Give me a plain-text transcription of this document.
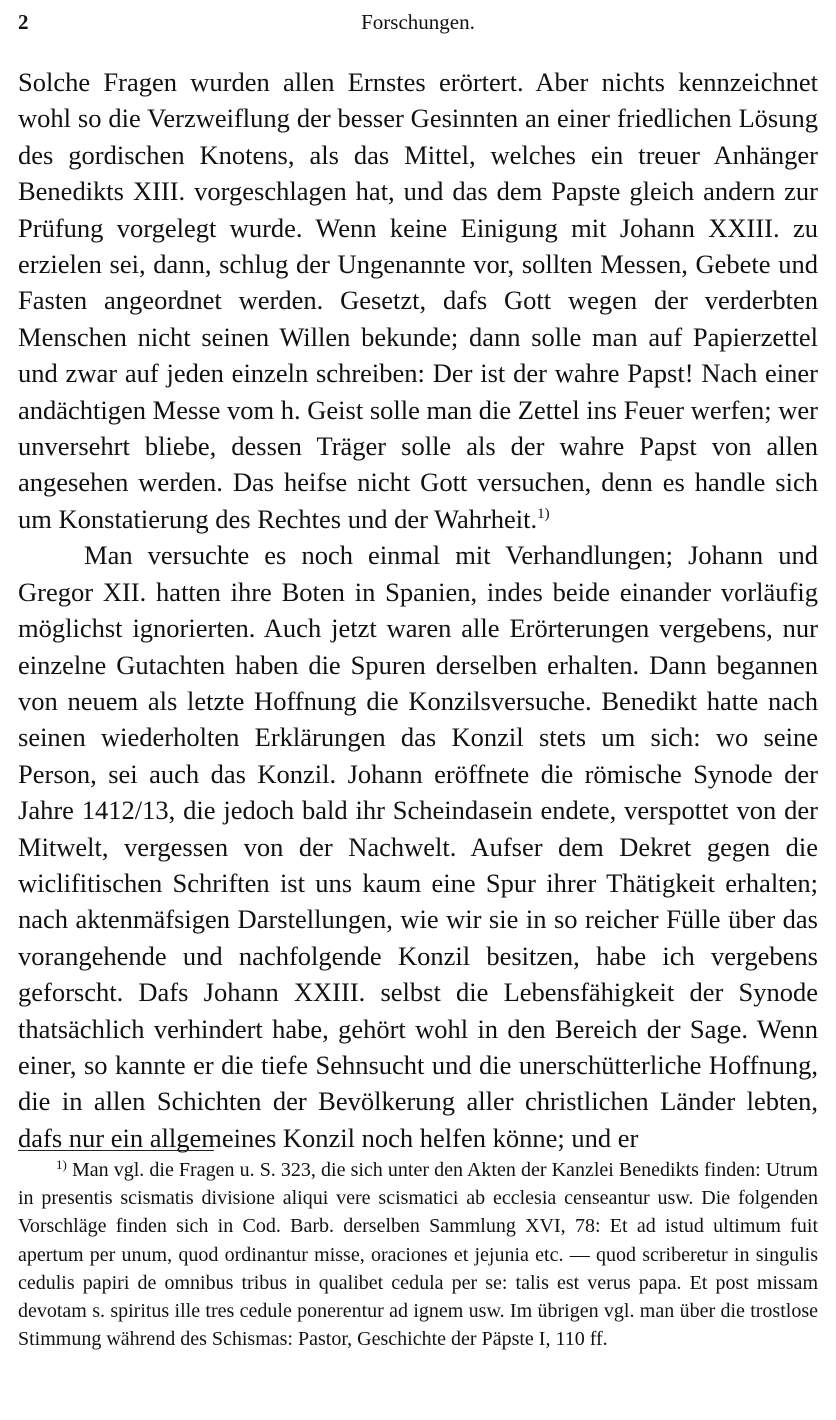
2	Forschungen.

Solche Fragen wurden allen Ernstes erörtert. Aber nichts kennzeichnet wohl so die Verzweiflung der besser Gesinnten an einer friedlichen Lösung des gordischen Knotens, als das Mittel, welches ein treuer Anhänger Benedikts XIII. vorgeschlagen hat, und das dem Papste gleich andern zur Prüfung vorgelegt wurde. Wenn keine Einigung mit Johann XXIII. zu erzielen sei, dann, schlug der Ungenannte vor, sollten Messen, Gebete und Fasten angeordnet werden. Gesetzt, dafs Gott wegen der verderbten Menschen nicht seinen Willen bekunde; dann solle man auf Papierzettel und zwar auf jeden einzeln schreiben: Der ist der wahre Papst! Nach einer andächtigen Messe vom h. Geist solle man die Zettel ins Feuer werfen; wer unversehrt bliebe, dessen Träger solle als der wahre Papst von allen angesehen werden. Das heifse nicht Gott versuchen, denn es handle sich um Konstatierung des Rechtes und der Wahrheit.$^{1)}$

Man versuchte es noch einmal mit Verhandlungen; Johann und Gregor XII. hatten ihre Boten in Spanien, indes beide einander vorläufig möglichst ignorierten. Auch jetzt waren alle Erörterungen vergebens, nur einzelne Gutachten haben die Spuren derselben erhalten. Dann begannen von neuem als letzte Hoffnung die Konzilsversuche. Benedikt hatte nach seinen wiederholten Erklärungen das Konzil stets um sich: wo seine Person, sei auch das Konzil. Johann eröffnete die römische Synode der Jahre 1412/13, die jedoch bald ihr Scheindasein endete, verspottet von der Mitwelt, vergessen von der Nachwelt. Aufser dem Dekret gegen die wiclifitischen Schriften ist uns kaum eine Spur ihrer Thätigkeit erhalten; nach aktenmäfsigen Darstellungen, wie wir sie in so reicher Fülle über das vorangehende und nachfolgende Konzil besitzen, habe ich vergebens geforscht. Dafs Johann XXIII. selbst die Lebensfähigkeit der Synode thatsächlich verhindert habe, gehört wohl in den Bereich der Sage. Wenn einer, so kannte er die tiefe Sehnsucht und die unerschütterliche Hoffnung, die in allen Schichten der Bevölkerung aller christlichen Länder lebten, dafs nur ein allgemeines Konzil noch helfen könne; und er

$^{1)}$ Man vgl. die Fragen u. S. 323, die sich unter den Akten der Kanzlei Benedikts finden: Utrum in presentis scismatis divisione aliqui vere scismatici ab ecclesia censeantur usw. Die folgenden Vorschläge finden sich in Cod. Barb. derselben Sammlung XVI, 78: Et ad istud ultimum fuit apertum per unum, quod ordinantur misse, oraciones et jejunia etc. — quod scriberetur in singulis cedulis papiri de omnibus tribus in qualibet cedula per se: talis est verus papa. Et post missam devotam s. spiritus ille tres cedule ponerentur ad ignem usw. Im übrigen vgl. man über die trostlose Stimmung während des Schismas: Pastor, Geschichte der Päpste I, 110 ff.
